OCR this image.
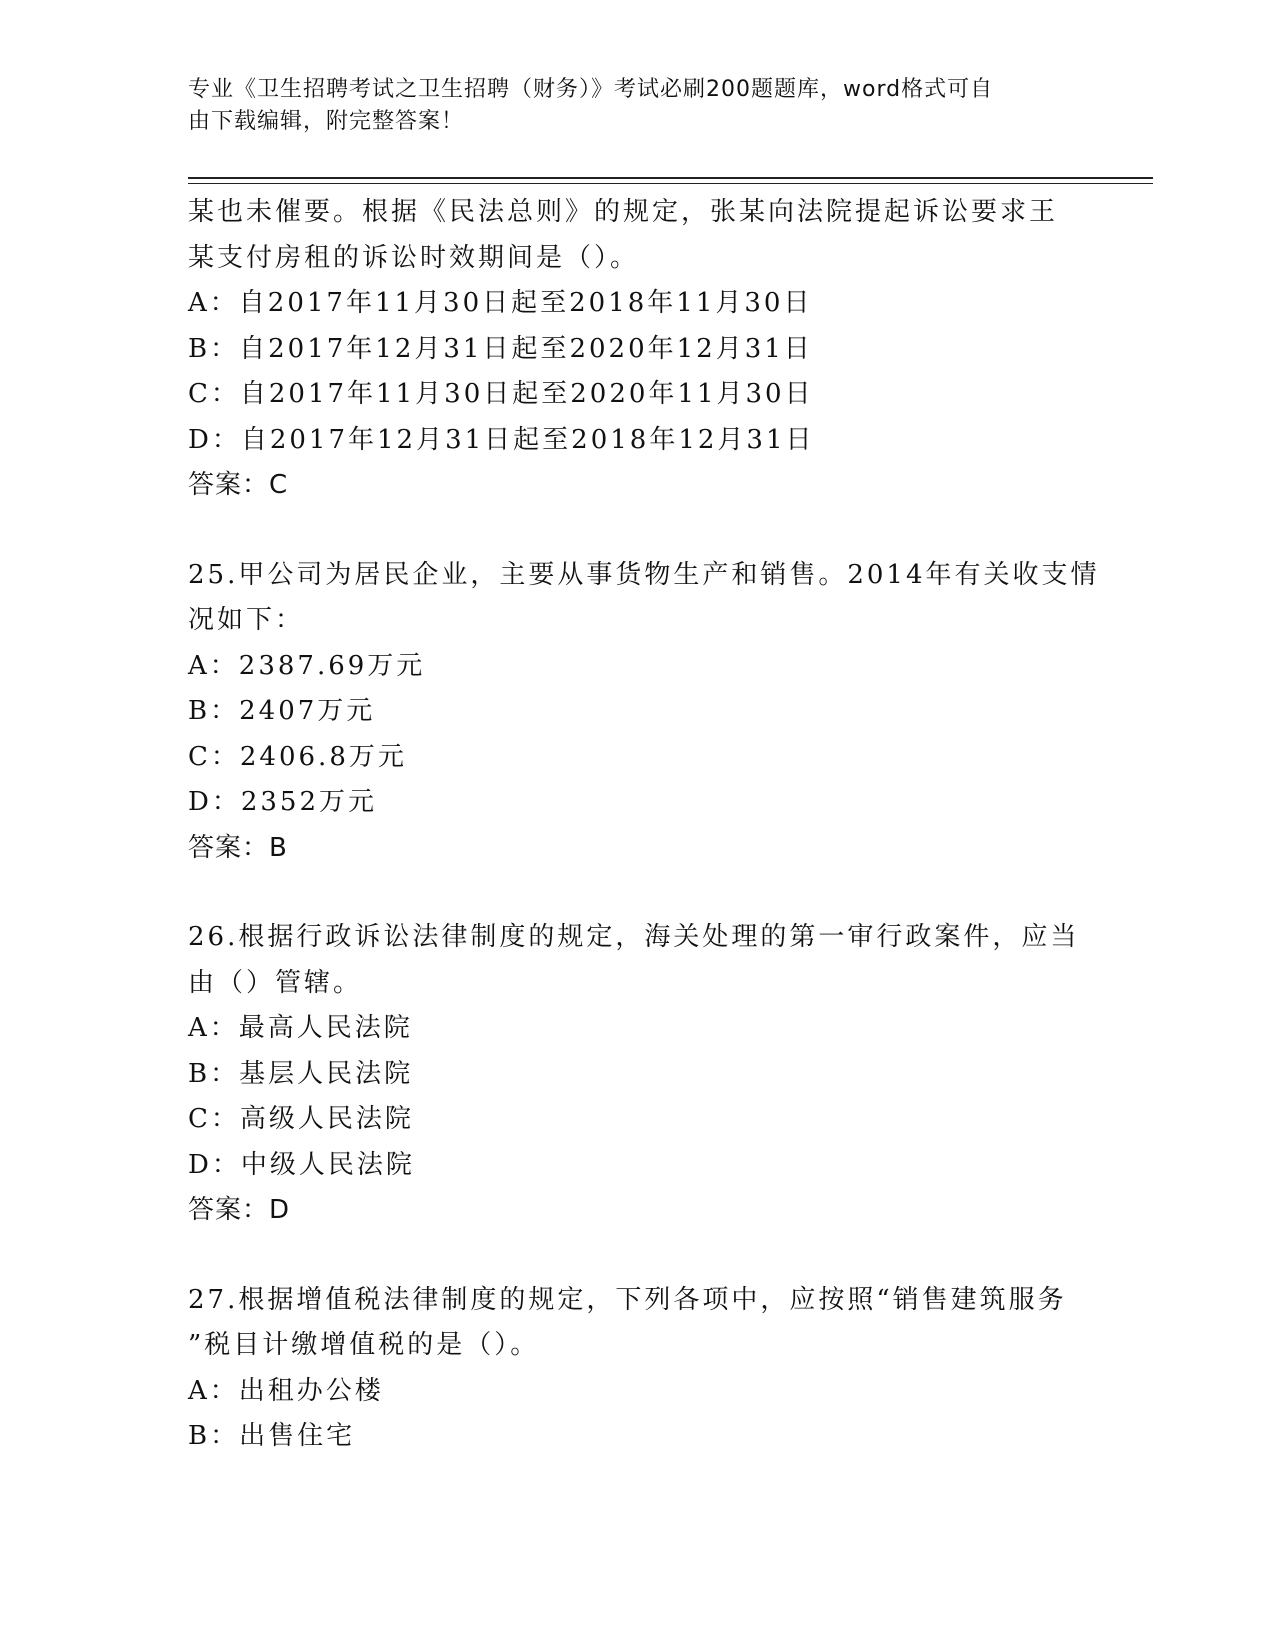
专业《卫生招聘考试之卫生招聘（财务）》考试必刷200题题库，word格式可自
由下载编辑，附完整答案！
某也未催要。根据《民法总则》的规定，张某向法院提起诉讼要求王
某支付房租的诉讼时效期间是（）。
A：自2017年11月30日起至2018年11月30日
B：自2017年12月31日起至2020年12月31日
C：自2017年11月30日起至2020年11月30日
D：自2017年12月31日起至2018年12月31日
答案：C
25.甲公司为居民企业，主要从事货物生产和销售。2014年有关收支情
况如下：
A：2387.69万元
B：2407万元
C：2406.8万元
D：2352万元
答案：B
26.根据行政诉讼法律制度的规定，海关处理的第一审行政案件，应当
由（）管辖。
A：最高人民法院
B：基层人民法院
C：高级人民法院
D：中级人民法院
答案：D
27.根据增值税法律制度的规定，下列各项中，应按照“销售建筑服务
”税目计缴增值税的是（）。
A：出租办公楼
B：出售住宅
